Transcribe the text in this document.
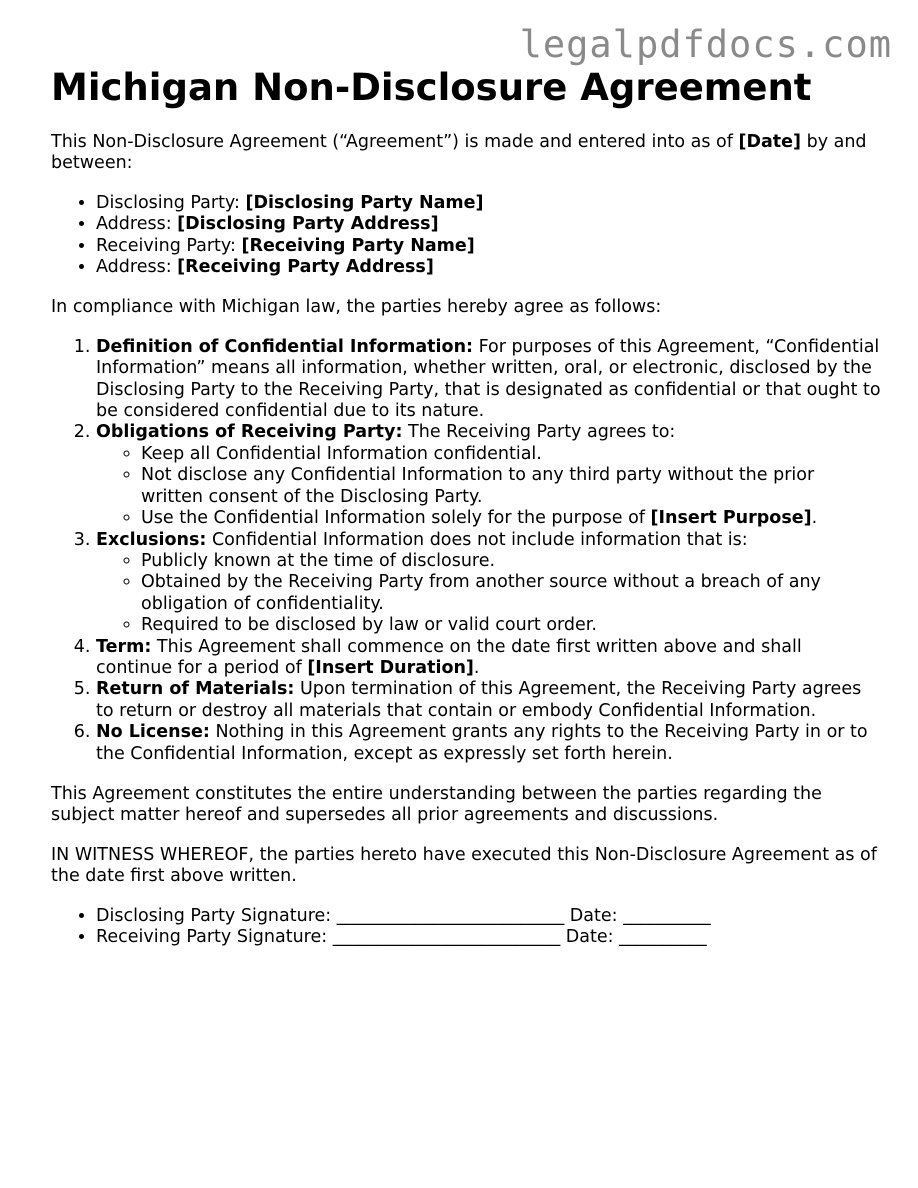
legalpdfdocs.com
Michigan Non-Disclosure Agreement

This Non-Disclosure Agreement (“Agreement”) is made and entered into as of [Date] by and between:

• Disclosing Party: [Disclosing Party Name]
• Address: [Disclosing Party Address]
• Receiving Party: [Receiving Party Name]
• Address: [Receiving Party Address]

In compliance with Michigan law, the parties hereby agree as follows:

1. Definition of Confidential Information: For purposes of this Agreement, “Confidential Information” means all information, whether written, oral, or electronic, disclosed by the Disclosing Party to the Receiving Party, that is designated as confidential or that ought to be considered confidential due to its nature.
2. Obligations of Receiving Party: The Receiving Party agrees to:
◦ Keep all Confidential Information confidential.
◦ Not disclose any Confidential Information to any third party without the prior written consent of the Disclosing Party.
◦ Use the Confidential Information solely for the purpose of [Insert Purpose].
3. Exclusions: Confidential Information does not include information that is:
◦ Publicly known at the time of disclosure.
◦ Obtained by the Receiving Party from another source without a breach of any obligation of confidentiality.
◦ Required to be disclosed by law or valid court order.
4. Term: This Agreement shall commence on the date first written above and shall continue for a period of [Insert Duration].
5. Return of Materials: Upon termination of this Agreement, the Receiving Party agrees to return or destroy all materials that contain or embody Confidential Information.
6. No License: Nothing in this Agreement grants any rights to the Receiving Party in or to the Confidential Information, except as expressly set forth herein.

This Agreement constitutes the entire understanding between the parties regarding the subject matter hereof and supersedes all prior agreements and discussions.

IN WITNESS WHEREOF, the parties hereto have executed this Non-Disclosure Agreement as of the date first above written.

• Disclosing Party Signature: __________________________ Date: __________
• Receiving Party Signature: __________________________ Date: __________
